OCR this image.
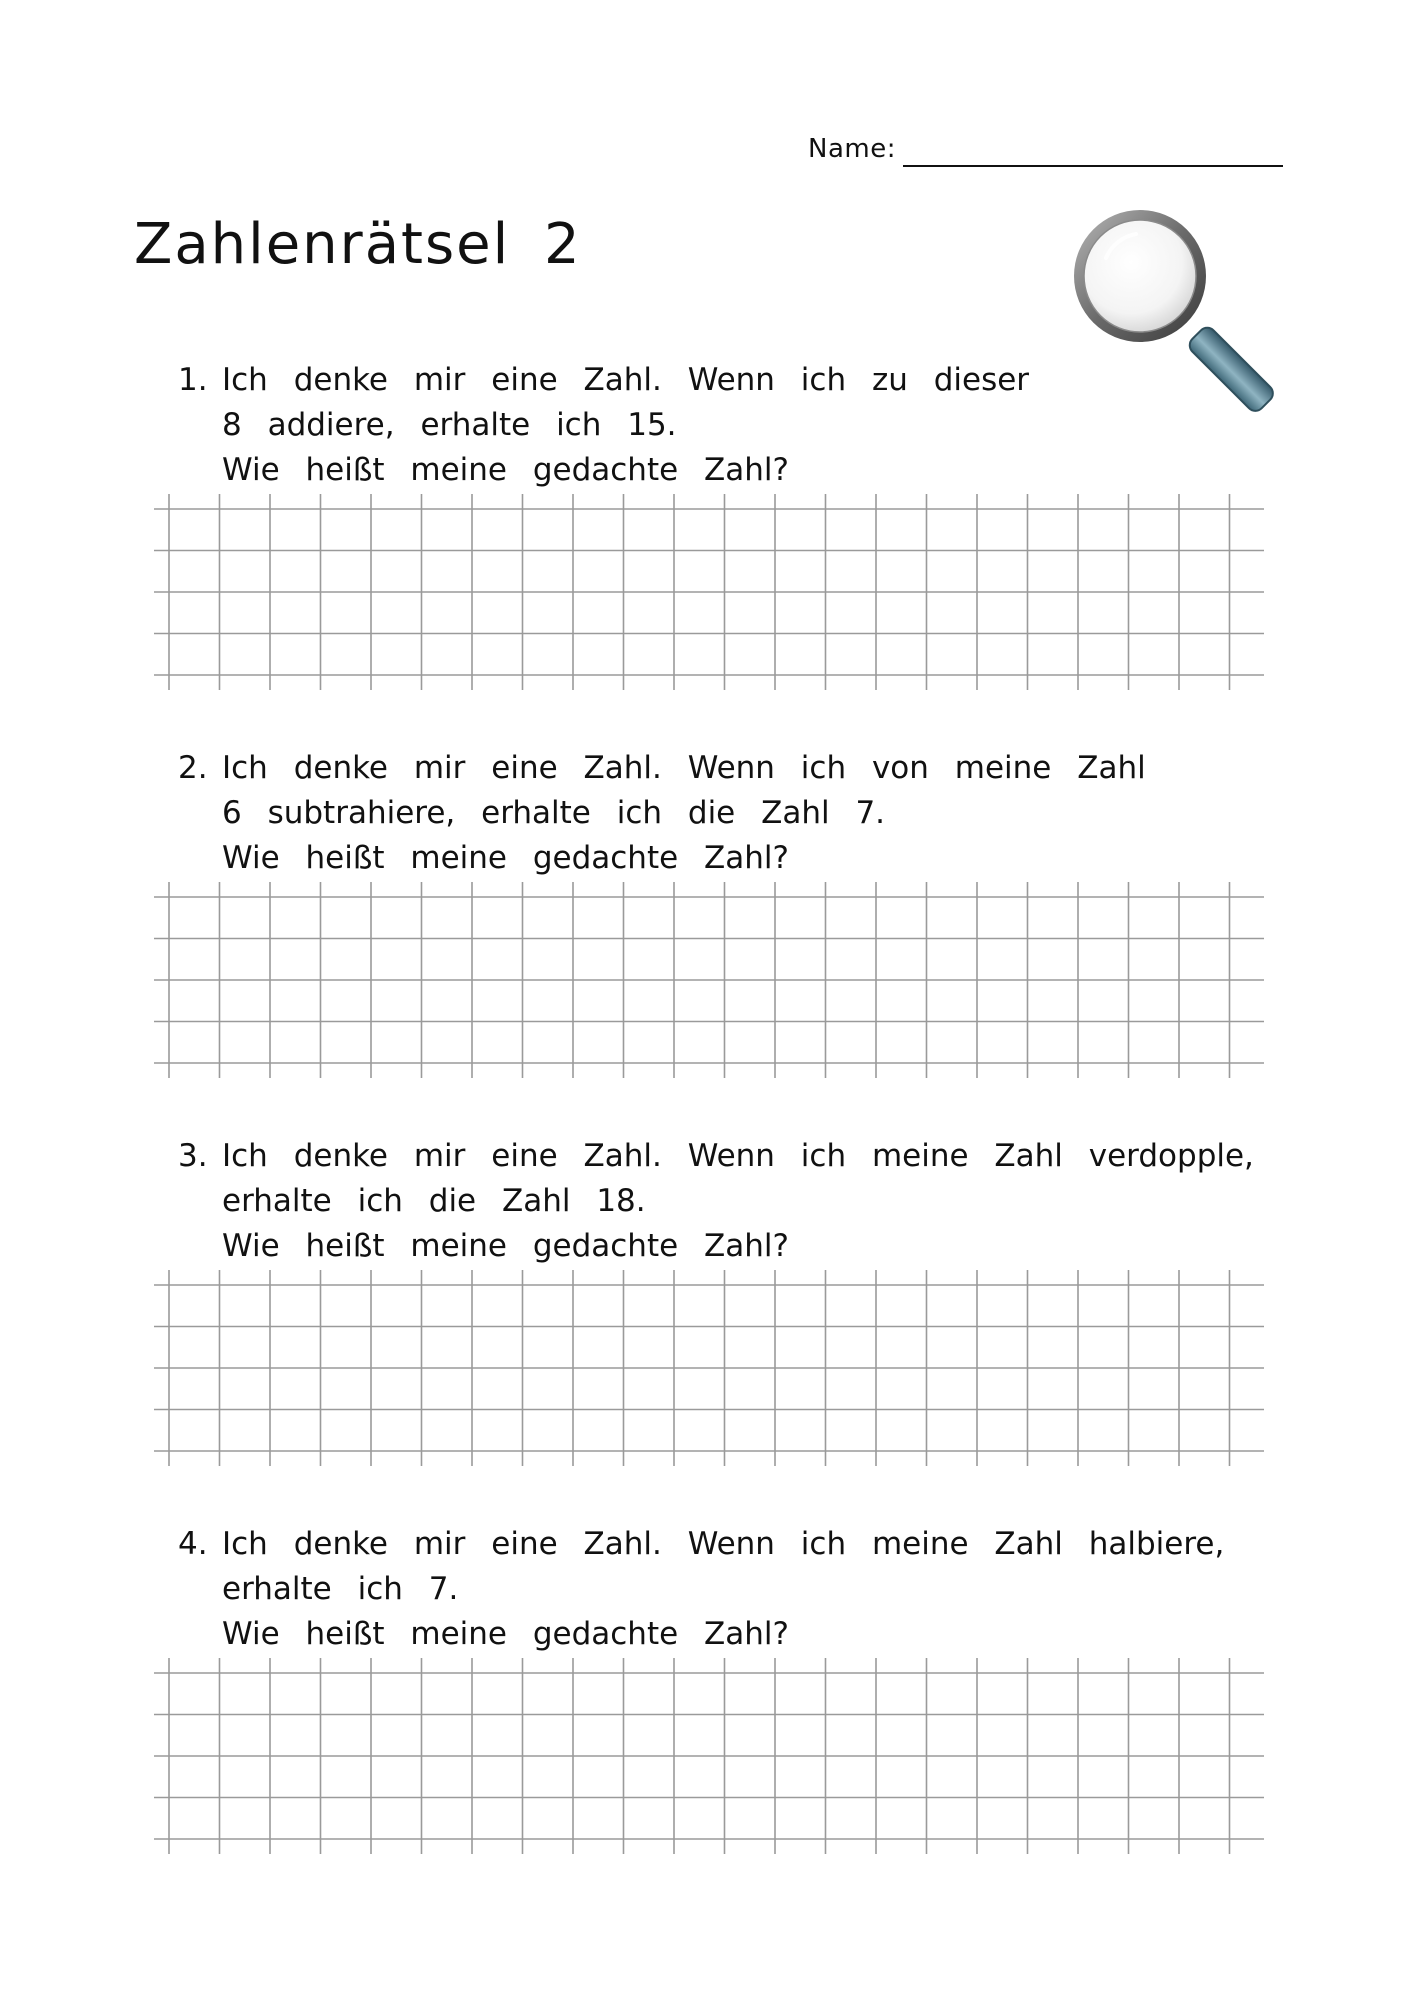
Name:
Zahlenrätsel 2
1. Ich denke mir eine Zahl. Wenn ich zu dieser
8 addiere, erhalte ich 15.
Wie heißt meine gedachte Zahl?
2. Ich denke mir eine Zahl. Wenn ich von meine Zahl
6 subtrahiere, erhalte ich die Zahl 7.
Wie heißt meine gedachte Zahl?
3. Ich denke mir eine Zahl. Wenn ich meine Zahl verdopple,
erhalte ich die Zahl 18.
Wie heißt meine gedachte Zahl?
4. Ich denke mir eine Zahl. Wenn ich meine Zahl halbiere,
erhalte ich 7.
Wie heißt meine gedachte Zahl?
